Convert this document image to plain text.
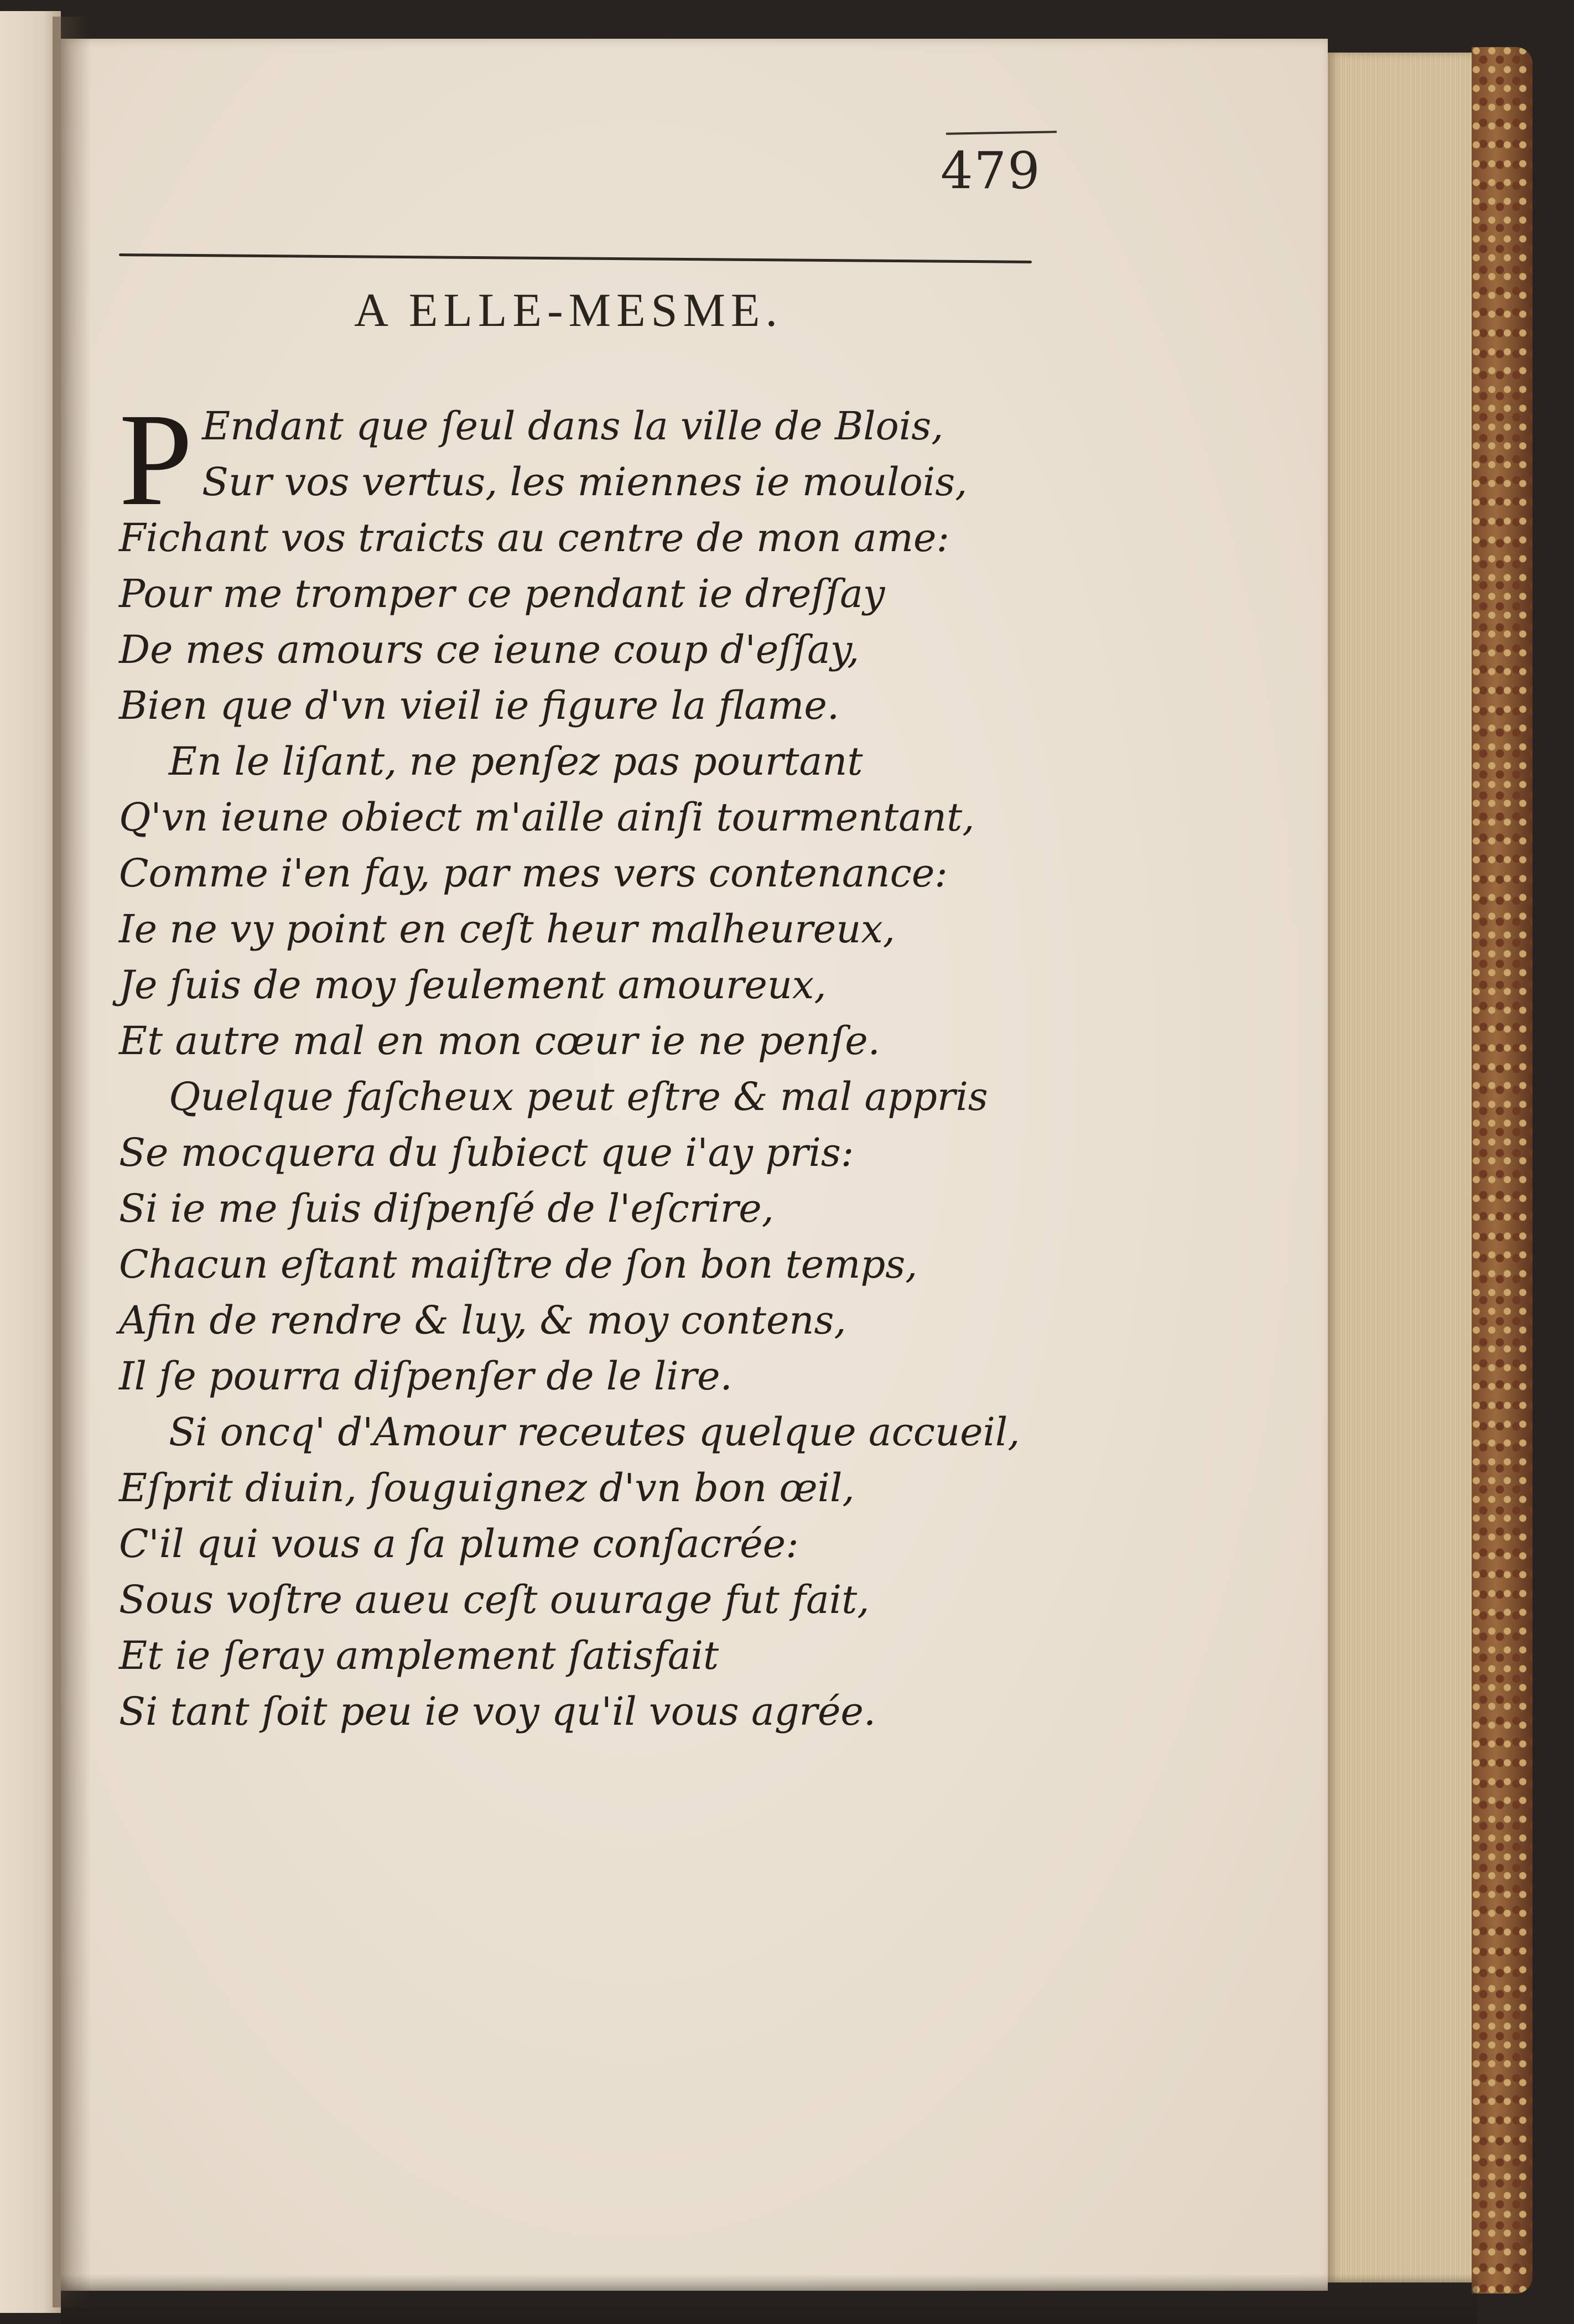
479
A ELLE-MESME.
P Endant que ſeul dans la ville de Blois,
Sur vos vertus, les miennes ie moulois,
Fichant vos traicts au centre de mon ame:
Pour me tromper ce pendant ie dreſſay
De mes amours ce ieune coup d'eſſay,
Bien que d'vn vieil ie figure la flame.
En le liſant, ne penſez pas pourtant
Q'vn ieune obiect m'aille ainſi tourmentant,
Comme i'en fay, par mes vers contenance:
Ie ne vy point en ceſt heur malheureux,
Je ſuis de moy ſeulement amoureux,
Et autre mal en mon cœur ie ne penſe.
Quelque faſcheux peut eſtre & mal appris
Se mocquera du ſubiect que i'ay pris:
Si ie me ſuis diſpenſé de l'eſcrire,
Chacun eſtant maiſtre de ſon bon temps,
Afin de rendre & luy, & moy contens,
Il ſe pourra diſpenſer de le lire.
Si oncq' d'Amour receutes quelque accueil,
Eſprit diuin, ſouguignez d'vn bon œil,
C'il qui vous a ſa plume conſacrée:
Sous voſtre aueu ceſt ouurage fut fait,
Et ie ſeray amplement ſatisfait
Si tant ſoit peu ie voy qu'il vous agrée.
